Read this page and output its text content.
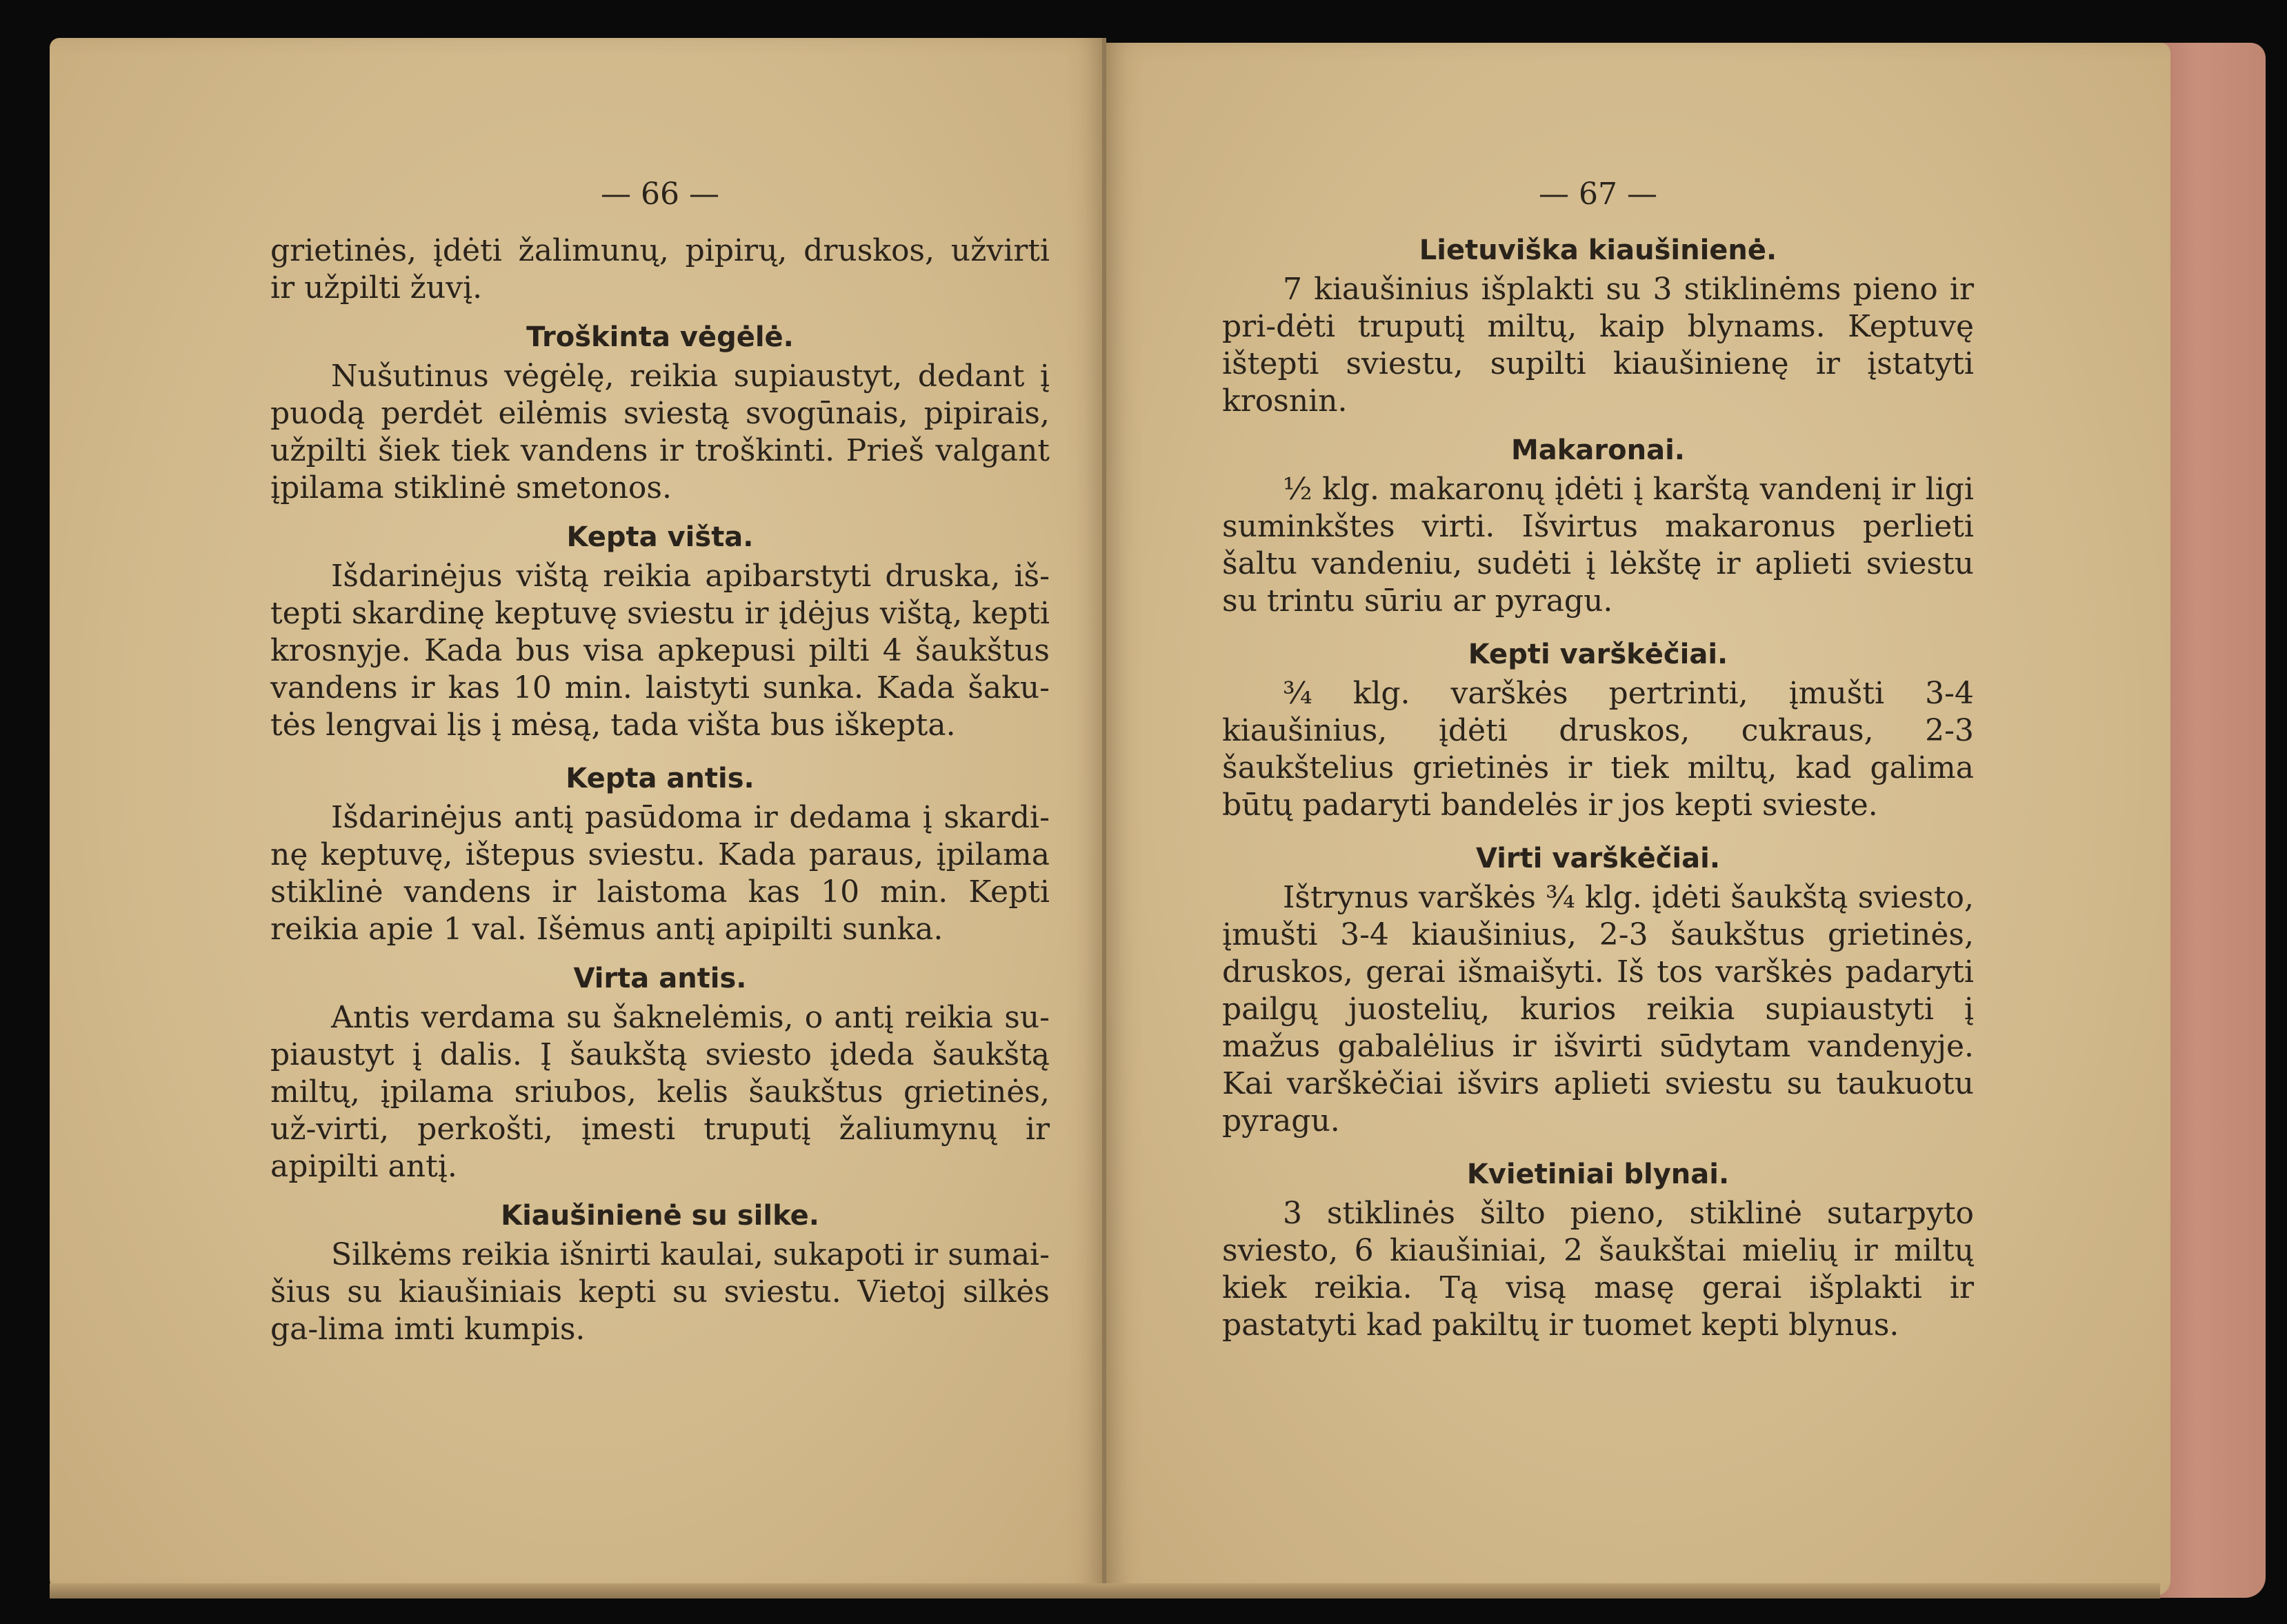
— 66 —

grietinės, įdėti žalimunų, pipirų, druskos, užvirti ir užpilti žuvį.

Troškinta vėgėlė.

Nušutinus vėgėlę, reikia supiaustyt, dedant į puodą perdėt eilėmis sviestą svogūnais, pipirais, užpilti šiek tiek vandens ir troškinti. Prieš valgant įpilama stiklinė smetonos.

Kepta višta.

Išdarinėjus vištą reikia apibarstyti druska, iš-tepti skardinę keptuvę sviestu ir įdėjus vištą, kepti krosnyje. Kada bus visa apkepusi pilti 4 šaukštus vandens ir kas 10 min. laistyti sunka. Kada šaku-tės lengvai lįs į mėsą, tada višta bus iškepta.

Kepta antis.

Išdarinėjus antį pasūdoma ir dedama į skardi-nę keptuvę, ištepus sviestu. Kada paraus, įpilama stiklinė vandens ir laistoma kas 10 min. Kepti reikia apie 1 val. Išėmus antį apipilti sunka.

Virta antis.

Antis verdama su šaknelėmis, o antį reikia su-piaustyt į dalis. Į šaukštą sviesto įdeda šaukštą miltų, įpilama sriubos, kelis šaukštus grietinės, už-virti, perkošti, įmesti truputį žaliumynų ir apipilti antį.

Kiaušinienė su silke.

Silkėms reikia išnirti kaulai, sukapoti ir sumai-šius su kiaušiniais kepti su sviestu. Vietoj silkės ga-lima imti kumpis.

— 67 —
Lietuviška kiaušinienė.

7 kiaušinius išplakti su 3 stiklinėms pieno ir pri-dėti truputį miltų, kaip blynams. Keptuvę ištepti sviestu, supilti kiaušinienę ir įstatyti krosnin.

Makaronai.

½ klg. makaronų įdėti į karštą vandenį ir ligi suminkštes virti. Išvirtus makaronus perlieti šaltu vandeniu, sudėti į lėkštę ir aplieti sviestu su trintu sūriu ar pyragu.

Kepti varškėčiai.

¾ klg. varškės pertrinti, įmušti 3-4 kiaušinius, įdėti druskos, cukraus, 2-3 šaukštelius grietinės ir tiek miltų, kad galima būtų padaryti bandelės ir jos kepti svieste.

Virti varškėčiai.

Ištrynus varškės ¾ klg. įdėti šaukštą sviesto, įmušti 3-4 kiaušinius, 2-3 šaukštus grietinės, druskos, gerai išmaišyti. Iš tos varškės padaryti pailgų juostelių, kurios reikia supiaustyti į mažus gabalėlius ir išvirti sūdytam vandenyje. Kai varškėčiai išvirs aplieti sviestu su taukuotu pyragu.

Kvietiniai blynai.

3 stiklinės šilto pieno, stiklinė sutarpyto sviesto, 6 kiaušiniai, 2 šaukštai mielių ir miltų kiek reikia. Tą visą masę gerai išplakti ir pastatyti kad pakiltų ir tuomet kepti blynus.
